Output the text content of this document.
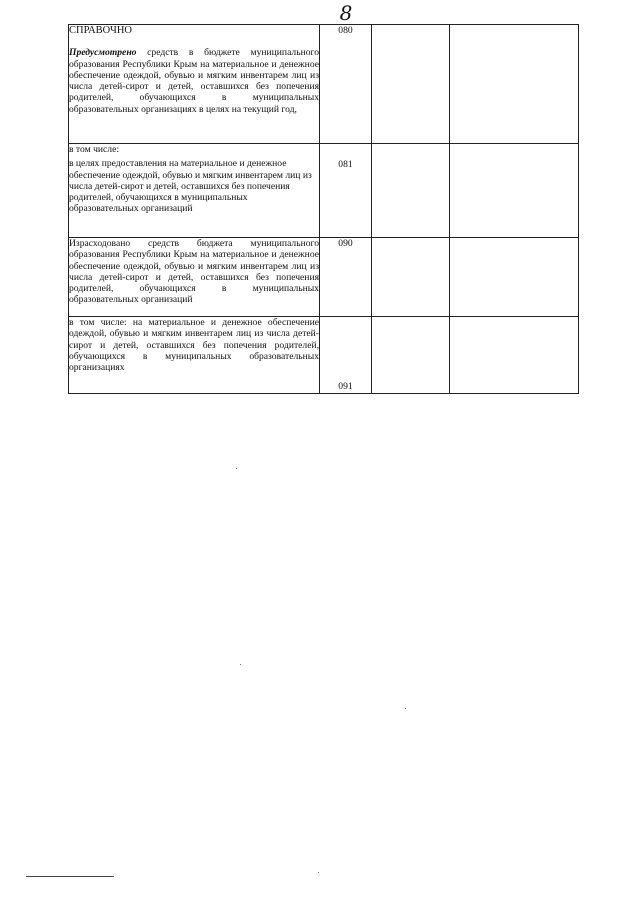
8

СПРАВОЧНО

Предусмотрено средств в бюджете муниципального образования Республики Крым на материальное и денежное обеспечение одеждой, обувью и мягким инвентарем лиц из числа детей-сирот и детей, оставшихся без попечения родителей, обучающихся в муниципальных образовательных организациях в целях на текущий год,	080		

в том числе:

в целях предоставления на материальное и денежное обеспечение одеждой, обувью и мягким инвентарем лиц из числа детей-сирот и детей, оставшихся без попечения родителей, обучающихся в муниципальных образовательных организаций	081		

Израсходовано средств бюджета муниципального образования Республики Крым на материальное и денежное обеспечение одеждой, обувью и мягким инвентарем лиц из числа детей-сирот и детей, оставшихся без попечения родителей, обучающихся в муниципальных образовательных организаций	090		

в том числе: на материальное и денежное обеспечение одеждой, обувью и мягким инвентарем лиц из числа детей-сирот и детей, оставшихся без попечения родителей, обучающихся в муниципальных образовательных организациях	091		
